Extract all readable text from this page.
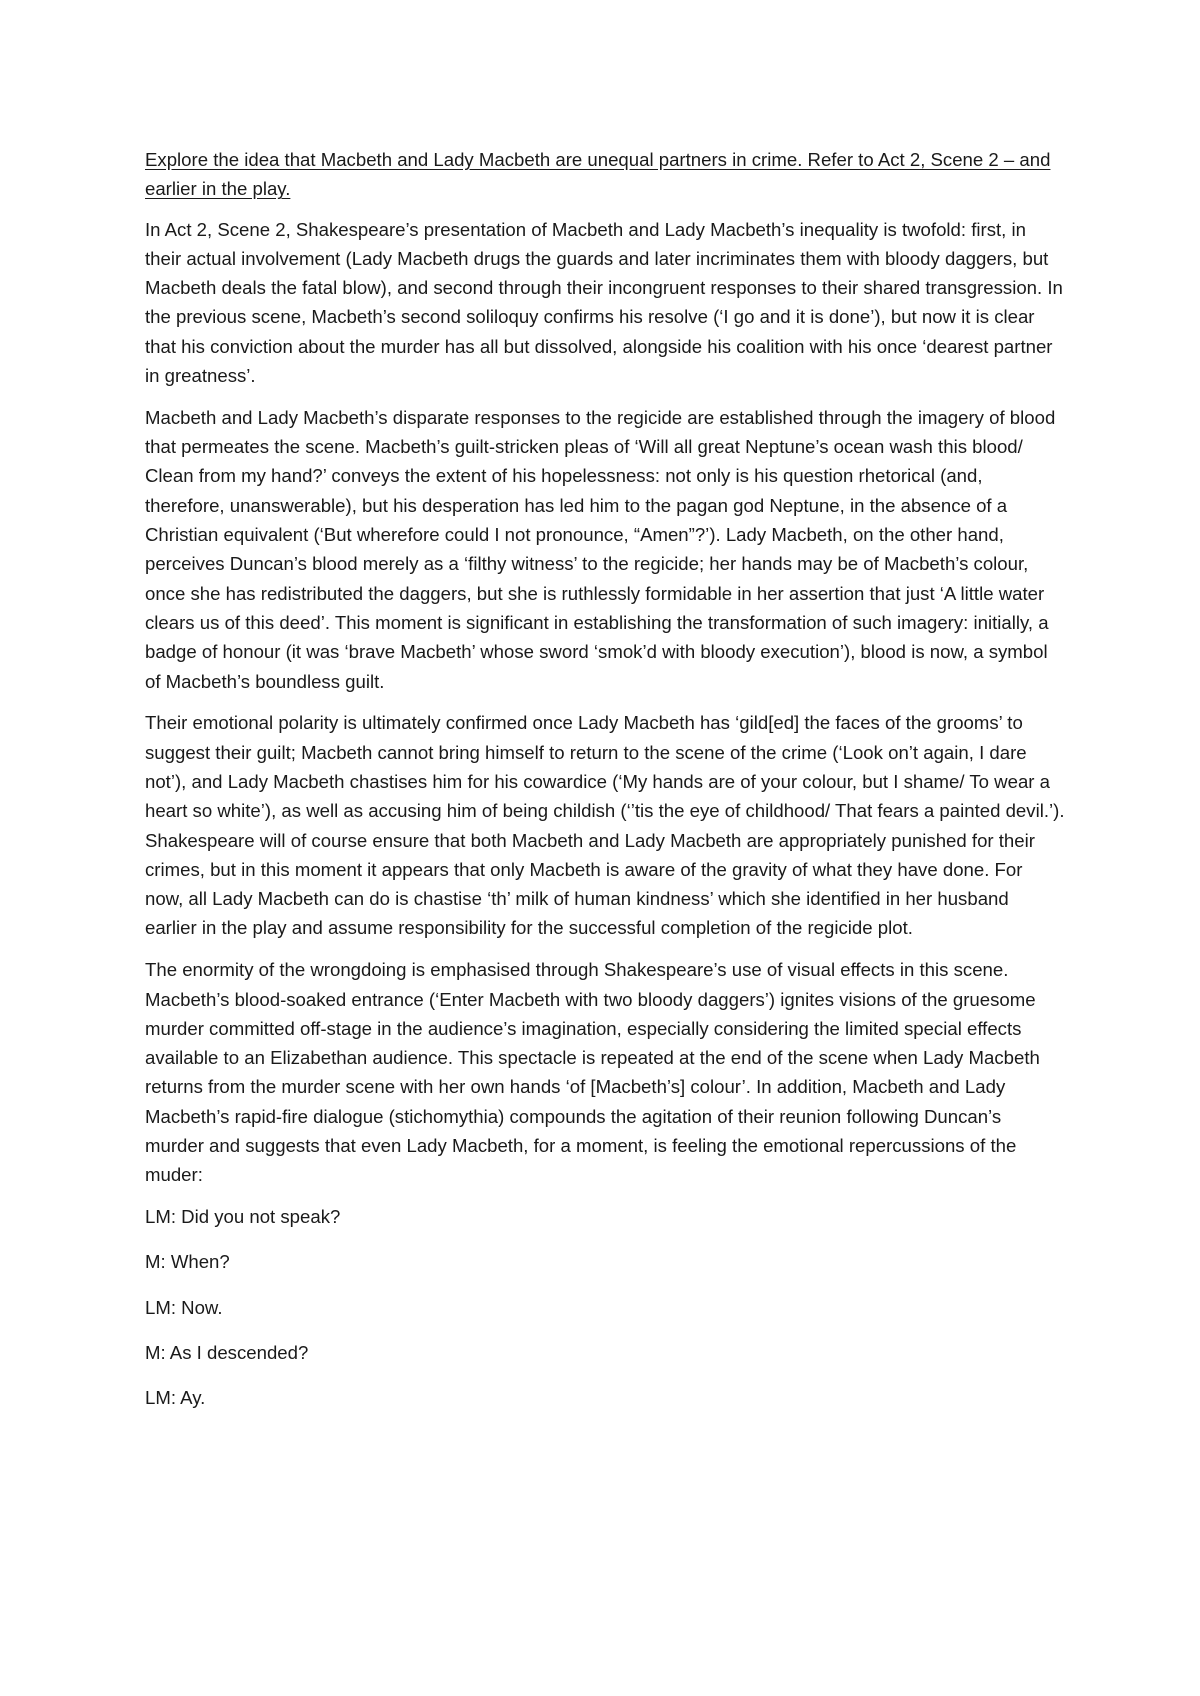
Explore the idea that Macbeth and Lady Macbeth are unequal partners in crime. Refer to Act 2, Scene 2 – and earlier in the play.

In Act 2, Scene 2, Shakespeare’s presentation of Macbeth and Lady Macbeth’s inequality is twofold: first, in their actual involvement (Lady Macbeth drugs the guards and later incriminates them with bloody daggers, but Macbeth deals the fatal blow), and second through their incongruent responses to their shared transgression. In the previous scene, Macbeth’s second soliloquy confirms his resolve (‘I go and it is done’), but now it is clear that his conviction about the murder has all but dissolved, alongside his coalition with his once ‘dearest partner in greatness’.

Macbeth and Lady Macbeth’s disparate responses to the regicide are established through the imagery of blood that permeates the scene. Macbeth’s guilt-stricken pleas of ‘Will all great Neptune’s ocean wash this blood/ Clean from my hand?’ conveys the extent of his hopelessness: not only is his question rhetorical (and, therefore, unanswerable), but his desperation has led him to the pagan god Neptune, in the absence of a Christian equivalent (‘But wherefore could I not pronounce, “Amen”?’). Lady Macbeth, on the other hand, perceives Duncan’s blood merely as a ‘filthy witness’ to the regicide; her hands may be of Macbeth’s colour, once she has redistributed the daggers, but she is ruthlessly formidable in her assertion that just ‘A little water clears us of this deed’. This moment is significant in establishing the transformation of such imagery: initially, a badge of honour (it was ‘brave Macbeth’ whose sword ‘smok’d with bloody execution’), blood is now, a symbol of Macbeth’s boundless guilt.

Their emotional polarity is ultimately confirmed once Lady Macbeth has ‘gild[ed] the faces of the grooms’ to suggest their guilt; Macbeth cannot bring himself to return to the scene of the crime (‘Look on’t again, I dare not’), and Lady Macbeth chastises him for his cowardice (‘My hands are of your colour, but I shame/ To wear a heart so white’), as well as accusing him of being childish (‘’tis the eye of childhood/ That fears a painted devil.’). Shakespeare will of course ensure that both Macbeth and Lady Macbeth are appropriately punished for their crimes, but in this moment it appears that only Macbeth is aware of the gravity of what they have done. For now, all Lady Macbeth can do is chastise ‘th’ milk of human kindness’ which she identified in her husband earlier in the play and assume responsibility for the successful completion of the regicide plot.

The enormity of the wrongdoing is emphasised through Shakespeare’s use of visual effects in this scene. Macbeth’s blood-soaked entrance (‘Enter Macbeth with two bloody daggers’) ignites visions of the gruesome murder committed off-stage in the audience’s imagination, especially considering the limited special effects available to an Elizabethan audience. This spectacle is repeated at the end of the scene when Lady Macbeth returns from the murder scene with her own hands ‘of [Macbeth’s] colour’. In addition, Macbeth and Lady Macbeth’s rapid-fire dialogue (stichomythia) compounds the agitation of their reunion following Duncan’s murder and suggests that even Lady Macbeth, for a moment, is feeling the emotional repercussions of the muder:

LM: Did you not speak?

M: When?

LM: Now.

M: As I descended?

LM: Ay.
